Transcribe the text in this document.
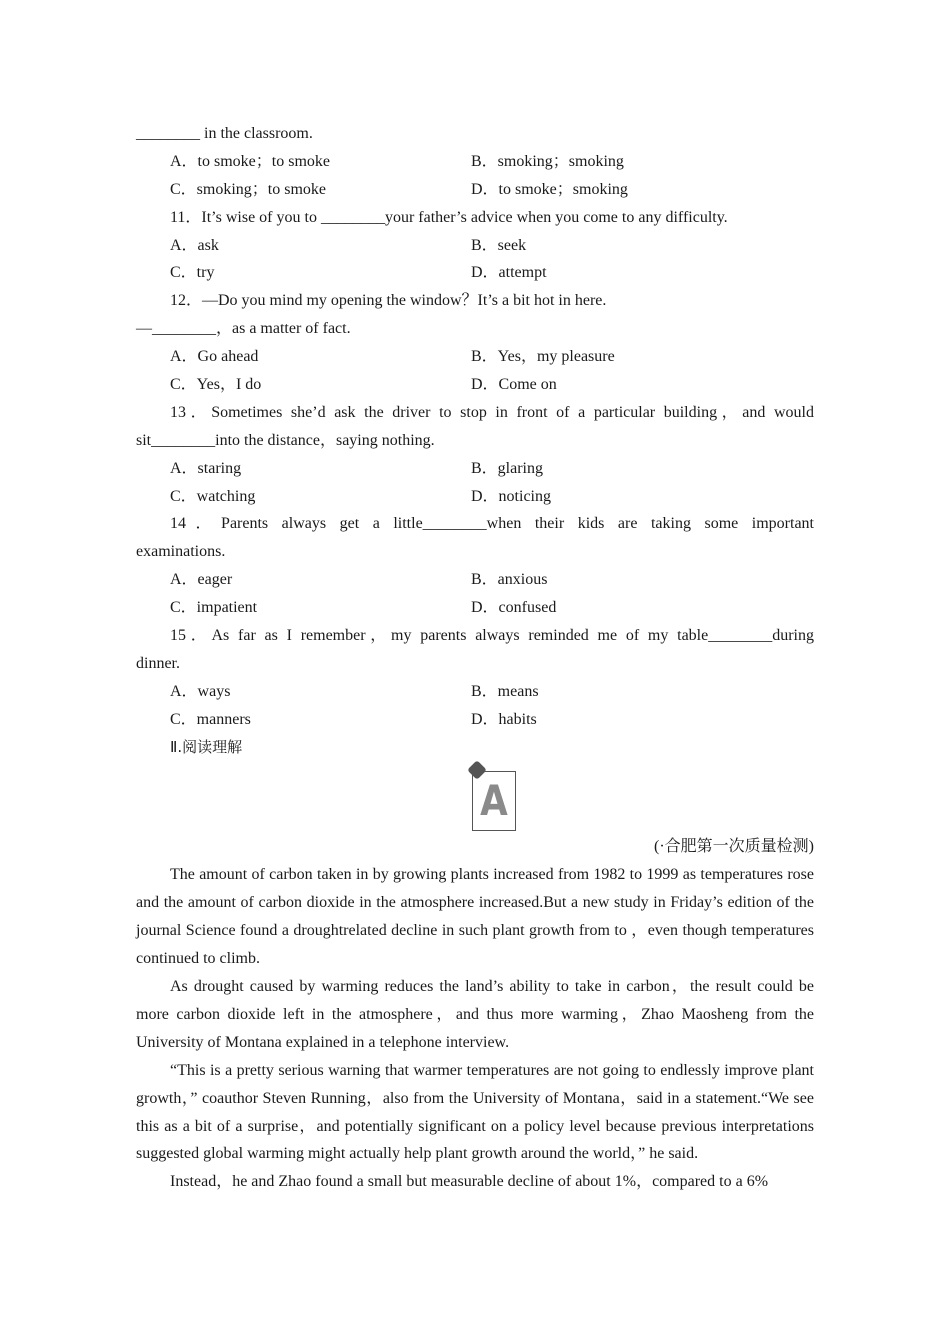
________ in the classroom.
A．to smoke；to smoke	B．smoking；smoking
C．smoking；to smoke	D．to smoke；smoking
11．It’s wise of you to ________your father’s advice when you come to any difficulty.
A．ask	B．seek
C．try	D．attempt
12．—Do you mind my opening the window？It’s a bit hot in here.
—________，as a matter of fact.
A．Go ahead	B．Yes，my pleasure
C．Yes，I do	D．Come on
13．Sometimes she’d ask the driver to stop in front of a particular building，and would
sit________into the distance，saying nothing.
A．staring	B．glaring
C．watching	D．noticing
14．Parents always get a little________when their kids are taking some important
examinations.
A．eager	B．anxious
C．impatient	D．confused
15．As far as I remember，my parents always reminded me of my table________during
dinner.
A．ways	B．means
C．manners	D．habits
Ⅱ.阅读理解
A
(·合肥第一次质量检测)
The amount of carbon taken in by growing plants increased from 1982 to 1999 as temperatures rose and the amount of carbon dioxide in the atmosphere increased.But a new study in Friday’s edition of the journal Science found a droughtrelated decline in such plant growth from to ，even though temperatures continued to climb.
As drought caused by warming reduces the land’s ability to take in carbon，the result could be more carbon dioxide left in the atmosphere，and thus more warming，Zhao Maosheng from the University of Montana explained in a telephone interview.
“This is a pretty serious warning that warmer temperatures are not going to endlessly improve plant growth，” coauthor Steven Running，also from the University of Montana，said in a statement.“We see this as a bit of a surprise，and potentially significant on a policy level because previous interpretations suggested global warming might actually help plant growth around the world，” he said.
Instead，he and Zhao found a small but measurable decline of about 1%，compared to a 6%
